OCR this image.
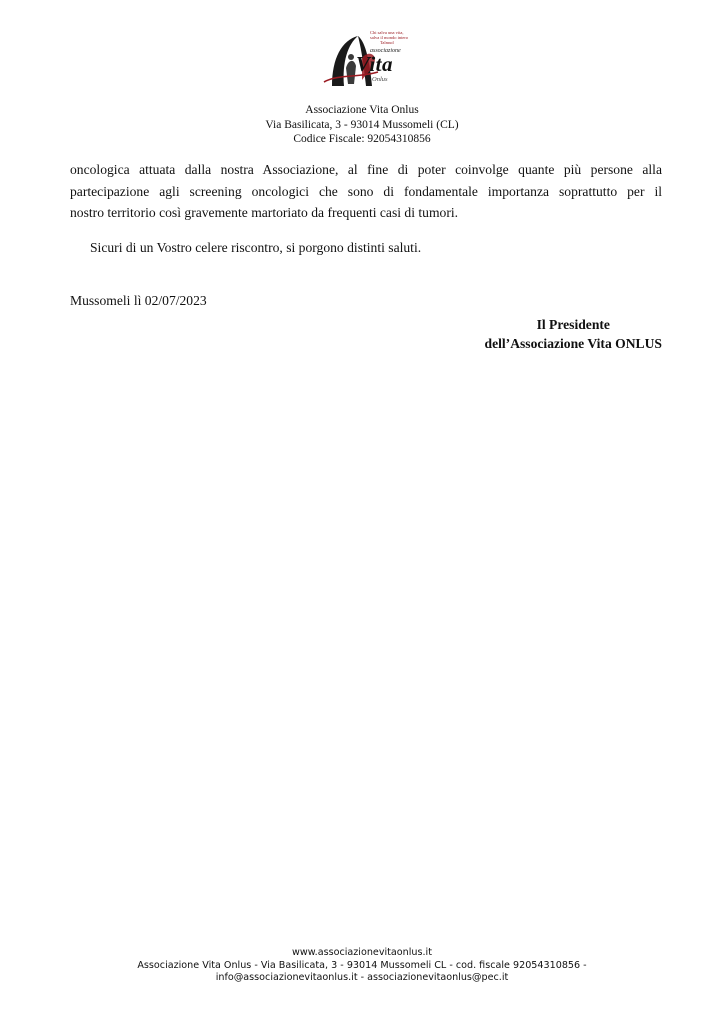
Chi salva una vita,
salva il mondo intero
Talmud
associazione
Vita
Onlus
Associazione Vita Onlus
Via Basilicata, 3 - 93014 Mussomeli (CL)
Codice Fiscale: 92054310856
oncologica attuata dalla nostra Associazione, al fine di poter coinvolge quante più persone alla
partecipazione agli screening oncologici che sono di fondamentale importanza soprattutto per il
nostro territorio così gravemente martoriato da frequenti casi di tumori.
Sicuri di un Vostro celere riscontro, si porgono distinti saluti.
Mussomeli lì 02/07/2023
Il Presidente
dell’Associazione Vita ONLUS
www.associazionevitaonlus.it
Associazione Vita Onlus - Via Basilicata, 3 - 93014 Mussomeli CL - cod. fiscale 92054310856 -
info@associazionevitaonlus.it - associazionevitaonlus@pec.it
